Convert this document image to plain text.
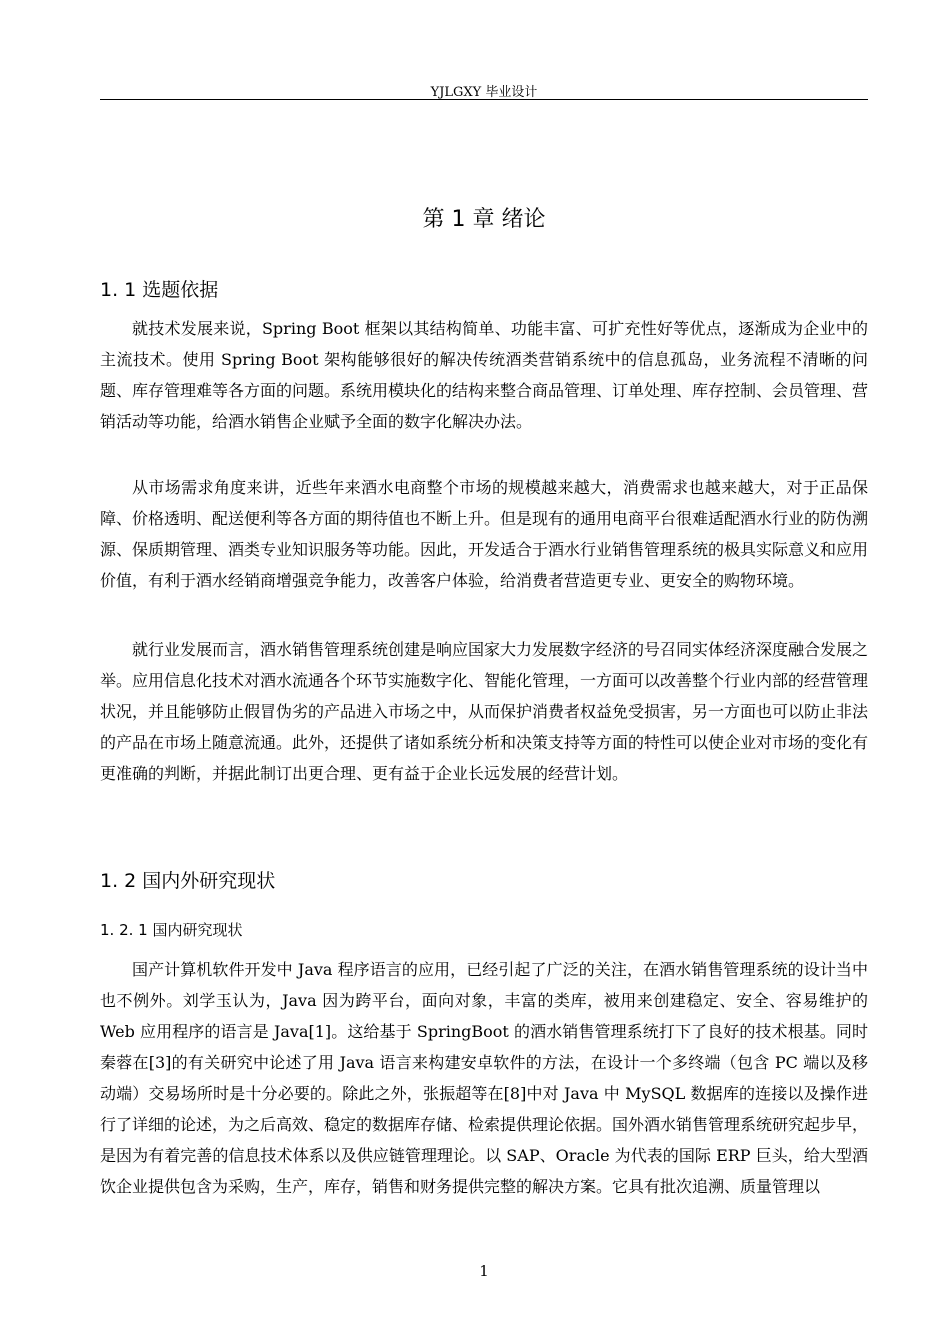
YJLGXY 毕业设计
第 1 章 绪论
1. 1 选题依据

就技术发展来说，Spring Boot 框架以其结构简单、功能丰富、可扩充性好等优点，逐渐成为企业中的主流技术。使用 Spring Boot 架构能够很好的解决传统酒类营销系统中的信息孤岛，业务流程不清晰的问题、库存管理难等各方面的问题。系统用模块化的结构来整合商品管理、订单处理、库存控制、会员管理、营销活动等功能，给酒水销售企业赋予全面的数字化解决办法。

从市场需求角度来讲，近些年来酒水电商整个市场的规模越来越大，消费需求也越来越大，对于正品保障、价格透明、配送便利等各方面的期待值也不断上升。但是现有的通用电商平台很难适配酒水行业的防伪溯源、保质期管理、酒类专业知识服务等功能。因此，开发适合于酒水行业销售管理系统的极具实际意义和应用价值，有利于酒水经销商增强竞争能力，改善客户体验，给消费者营造更专业、更安全的购物环境。

就行业发展而言，酒水销售管理系统创建是响应国家大力发展数字经济的号召同实体经济深度融合发展之举。应用信息化技术对酒水流通各个环节实施数字化、智能化管理，一方面可以改善整个行业内部的经营管理状况，并且能够防止假冒伪劣的产品进入市场之中，从而保护消费者权益免受损害，另一方面也可以防止非法的产品在市场上随意流通。此外，还提供了诸如系统分析和决策支持等方面的特性可以使企业对市场的变化有更准确的判断，并据此制订出更合理、更有益于企业长远发展的经营计划。

1. 2 国内外研究现状
1. 2. 1 国内研究现状

国产计算机软件开发中 Java 程序语言的应用，已经引起了广泛的关注，在酒水销售管理系统的设计当中也不例外。刘学玉认为，Java 因为跨平台，面向对象，丰富的类库，被用来创建稳定、安全、容易维护的 Web 应用程序的语言是 Java[1]。这给基于 SpringBoot 的酒水销售管理系统打下了良好的技术根基。同时秦蓉在[3]的有关研究中论述了用 Java 语言来构建安卓软件的方法，在设计一个多终端（包含 PC 端以及移动端）交易场所时是十分必要的。除此之外，张振超等在[8]中对 Java 中 MySQL 数据库的连接以及操作进行了详细的论述，为之后高效、稳定的数据库存储、检索提供理论依据。国外酒水销售管理系统研究起步早，是因为有着完善的信息技术体系以及供应链管理理论。以 SAP、Oracle 为代表的国际 ERP 巨头，给大型酒饮企业提供包含为采购，生产，库存，销售和财务提供完整的解决方案。它具有批次追溯、质量管理以

1
